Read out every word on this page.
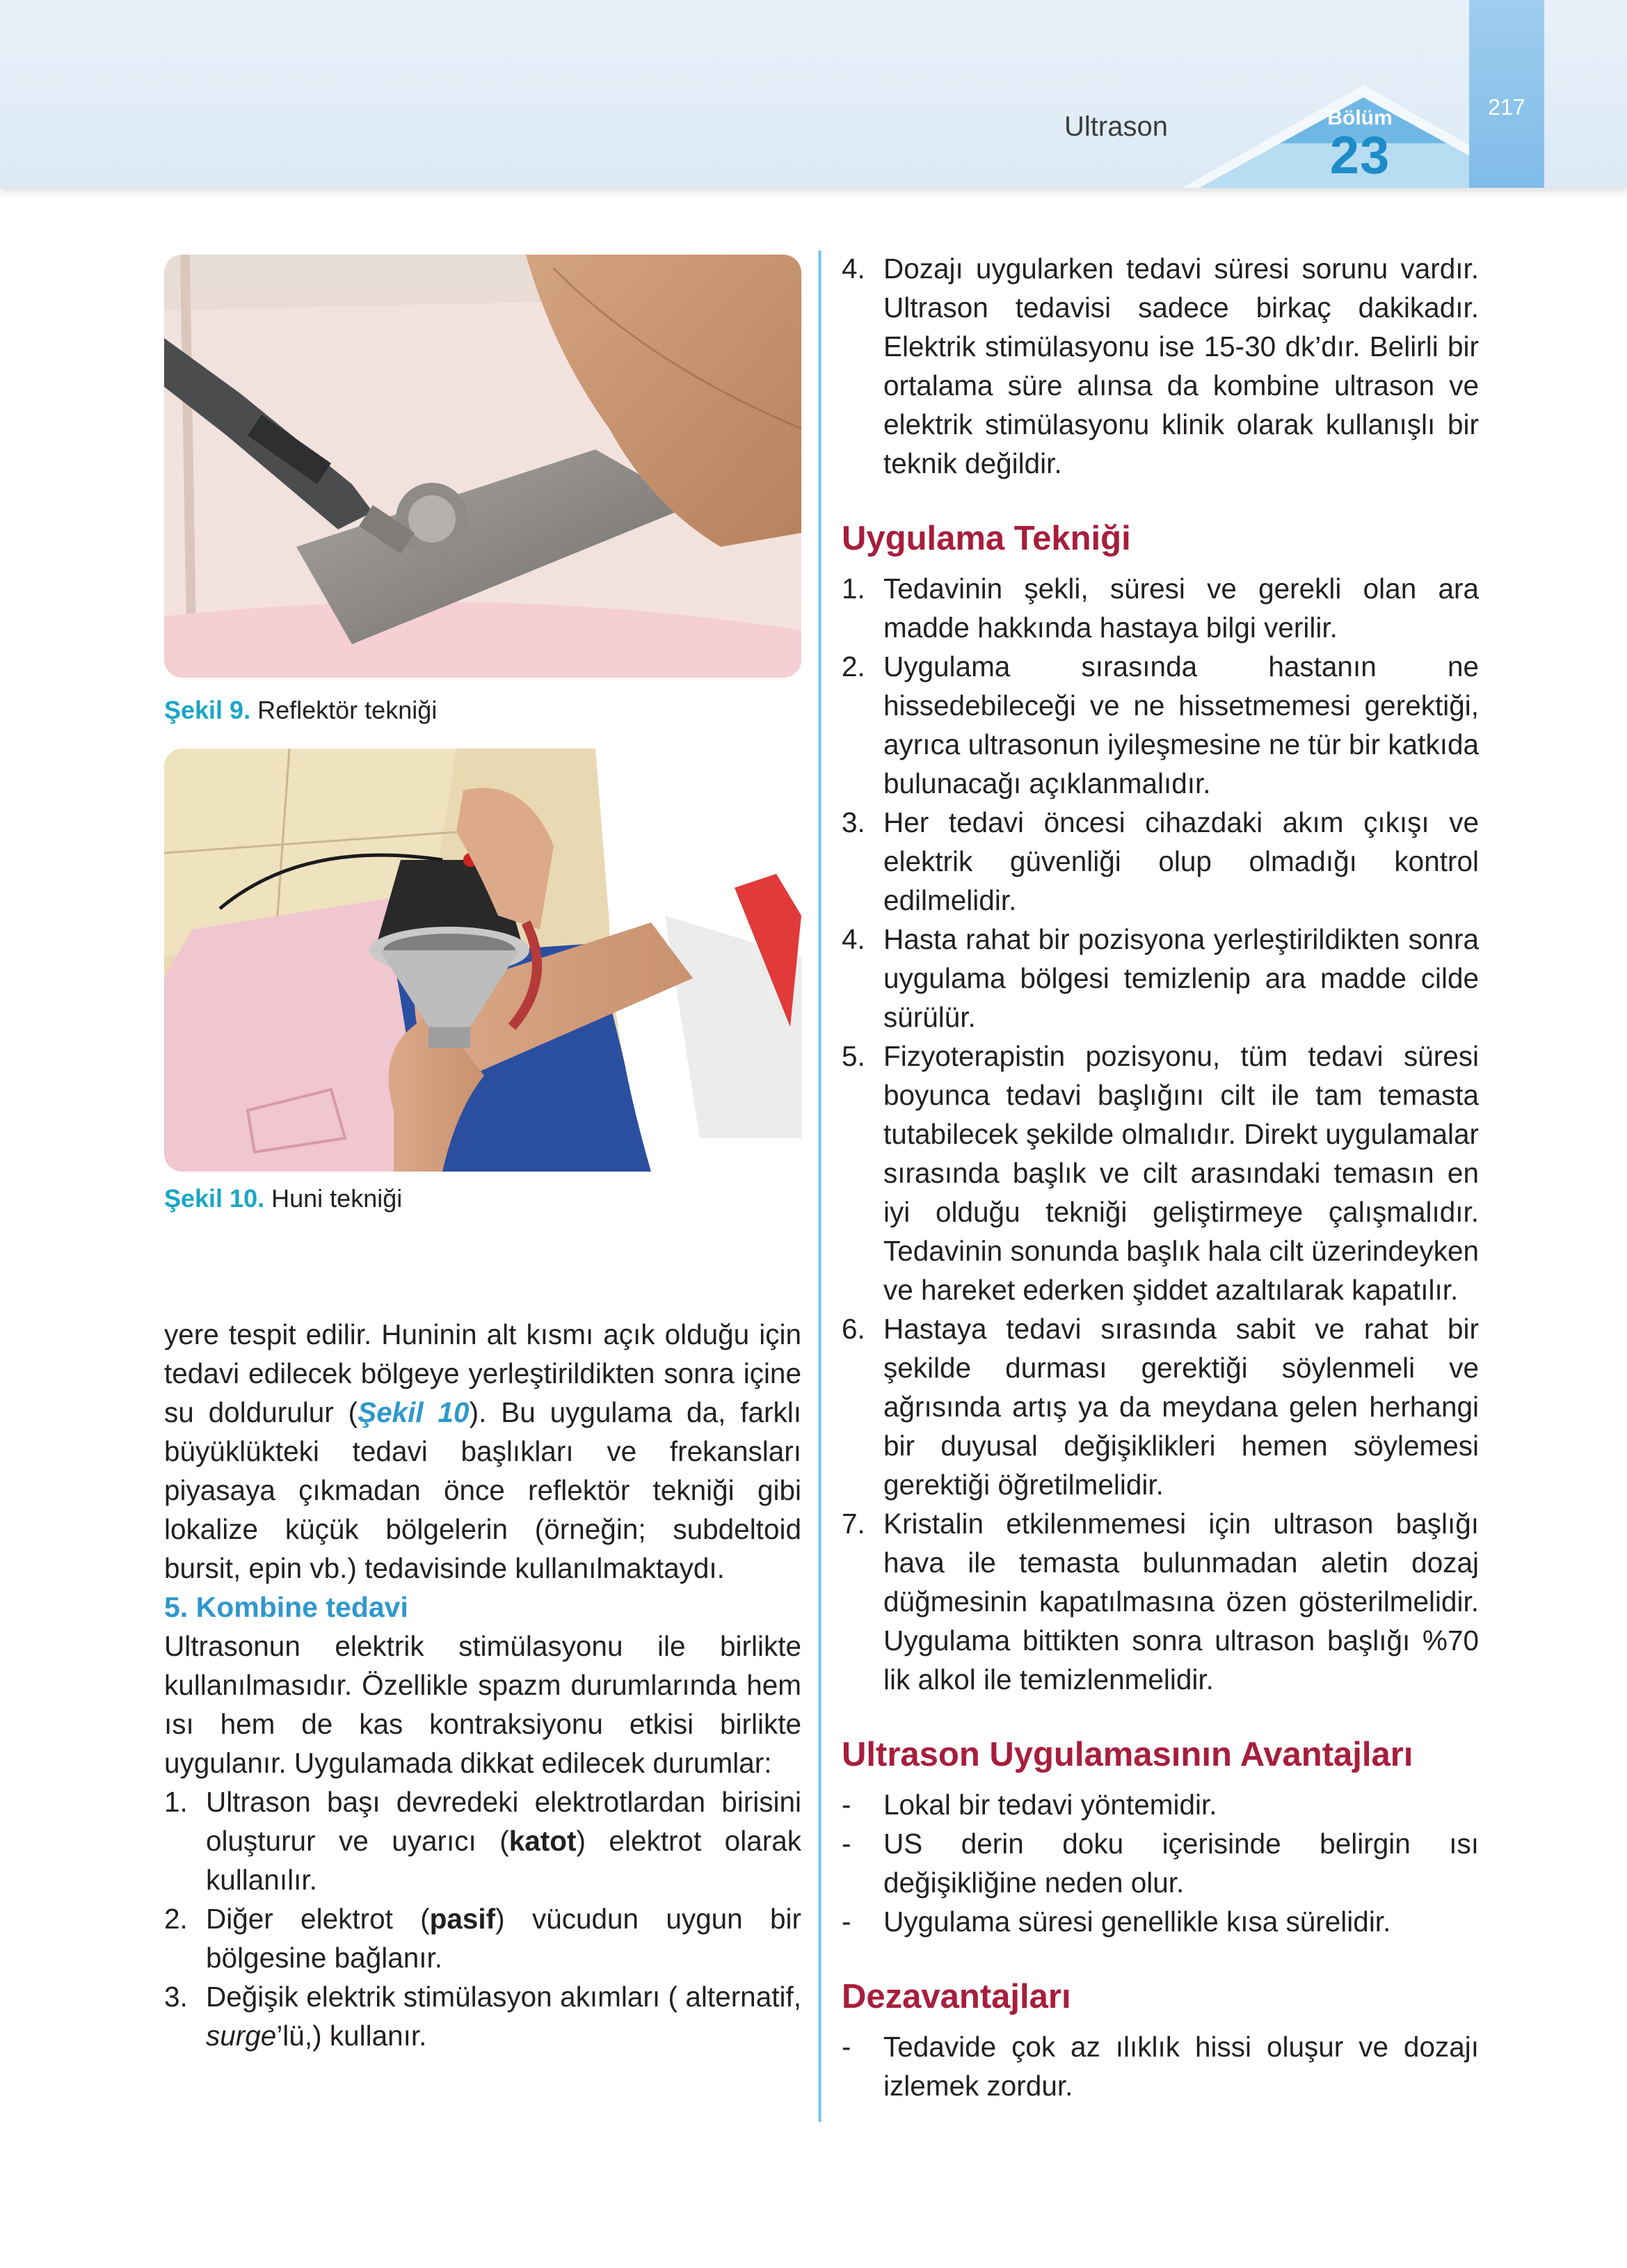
Ultrason	Bölüm
23
217
Şekil 9. Reflektör tekniği
Şekil 10. Huni tekniği

yere tespit edilir. Huninin alt kısmı açık olduğu için tedavi edilecek bölgeye yerleştirildikten sonra içine su doldurulur (Şekil 10). Bu uygulama da, farklı büyüklükteki tedavi başlıkları ve frekansları piyasaya çıkmadan önce reflektör tekniği gibi lokalize küçük bölgelerin (örneğin; subdeltoid bursit, epin vb.) tedavisinde kullanılmaktaydı.

5. Kombine tedavi

Ultrasonun elektrik stimülasyonu ile birlikte kullanılmasıdır. Özellikle spazm durumlarında hem ısı hem de kas kontraksiyonu etkisi birlikte uygulanır. Uygulamada dikkat edilecek durumlar:

1. Ultrason başı devredeki elektrotlardan birisini oluşturur ve uyarıcı (katot) elektrot olarak kullanılır.
2. Diğer elektrot (pasif) vücudun uygun bir bölgesine bağlanır.
3. Değişik elektrik stimülasyon akımları ( alternatif, surge’lü,) kullanır.
4. Dozajı uygularken tedavi süresi sorunu vardır. Ultrason tedavisi sadece birkaç dakikadır. Elektrik stimülasyonu ise 15-30 dk’dır. Belirli bir ortalama süre alınsa da kombine ultrason ve elektrik stimülasyonu klinik olarak kullanışlı bir teknik değildir.
Uygulama Tekniği
1. Tedavinin şekli, süresi ve gerekli olan ara madde hakkında hastaya bilgi verilir.
2. Uygulama sırasında hastanın ne hissedebileceği ve ne hissetmemesi gerektiği, ayrıca ultrasonun iyileşmesine ne tür bir katkıda bulunacağı açıklanmalıdır.
3. Her tedavi öncesi cihazdaki akım çıkışı ve elektrik güvenliği olup olmadığı kontrol edilmelidir.
4. Hasta rahat bir pozisyona yerleştirildikten sonra uygulama bölgesi temizlenip ara madde cilde sürülür.
5. Fizyoterapistin pozisyonu, tüm tedavi süresi boyunca tedavi başlığını cilt ile tam temasta tutabilecek şekilde olmalıdır. Direkt uygulamalar sırasında başlık ve cilt arasındaki temasın en iyi olduğu tekniği geliştirmeye çalışmalıdır. Tedavinin sonunda başlık hala cilt üzerindeyken ve hareket ederken şiddet azaltılarak kapatılır.
6. Hastaya tedavi sırasında sabit ve rahat bir şekilde durması gerektiği söylenmeli ve ağrısında artış ya da meydana gelen herhangi bir duyusal değişiklikleri hemen söylemesi gerektiği öğretilmelidir.
7. Kristalin etkilenmemesi için ultrason başlığı hava ile temasta bulunmadan aletin dozaj düğmesinin kapatılmasına özen gösterilmelidir. Uygulama bittikten sonra ultrason başlığı %70 lik alkol ile temizlenmelidir.
Ultrason Uygulamasının Avantajları
- Lokal bir tedavi yöntemidir.
- US derin doku içerisinde belirgin ısı değişikliğine neden olur.
- Uygulama süresi genellikle kısa sürelidir.
Dezavantajları
- Tedavide çok az ılıklık hissi oluşur ve dozajı izlemek zordur.
